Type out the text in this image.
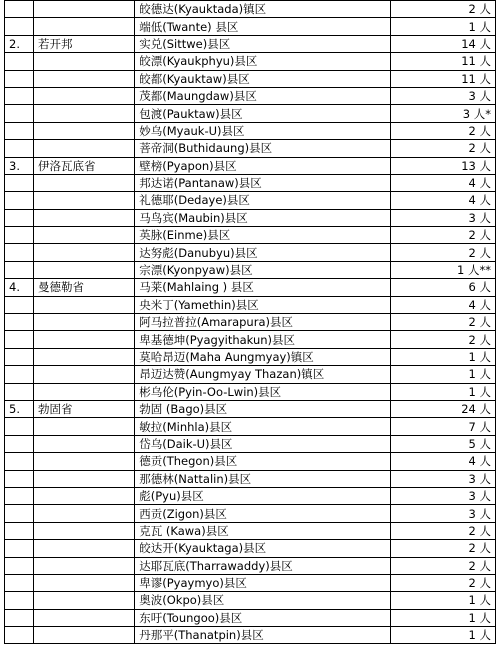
		皎德达(Kyauktada)镇区	2 人
		端低(Twante) 县区	1 人
2.	若开邦	实兑(Sittwe)县区	14 人
		皎漂(Kyaukphyu)县区	11 人
		皎都(Kyauktaw)县区	11 人
		茂都(Maungdaw)县区	3 人
		包渡(Pauktaw)县区	3 人*
		妙乌(Myauk-U)县区	2 人
		菩帝洞(Buthidaung)县区	2 人
3.	伊洛瓦底省	壁榜(Pyapon)县区	13 人
		邦达诺(Pantanaw)县区	4 人
		礼德耶(Dedaye)县区	4 人
		马鸟宾(Maubin)县区	3 人
		英脉(Einme)县区	2 人
		达努彪(Danubyu)县区	2 人
		宗漂(Kyonpyaw)县区	1 人**
4.	曼德勒省	马莱(Mahlaing ) 县区	6 人
		央米丁(Yamethin)县区	4 人
		阿马拉普拉(Amarapura)县区	2 人
		卑基德坤(Pyagyithakun)县区	2 人
		莫哈昂迈(Maha Aungmyay)镇区	1 人
		昂迈达赞(Aungmyay Thazan)镇区	1 人
		彬乌伦(Pyin-Oo-Lwin)县区	1 人
5.	勃固省	勃固 (Bago)县区	24 人
		敏拉(Minhla)县区	7 人
		岱乌(Daik-U)县区	5 人
		德贡(Thegon)县区	4 人
		那德林(Nattalin)县区	3 人
		彪(Pyu)县区	3 人
		西贡(Zigon)县区	3 人
		克瓦 (Kawa)县区	2 人
		皎达开(Kyauktaga)县区	2 人
		达耶瓦底(Tharrawaddy)县区	2 人
		卑谬(Pyaymyo)县区	2 人
		奥波(Okpo)县区	1 人
		东吁(Toungoo)县区	1 人
		丹那平(Thanatpin)县区	1 人
